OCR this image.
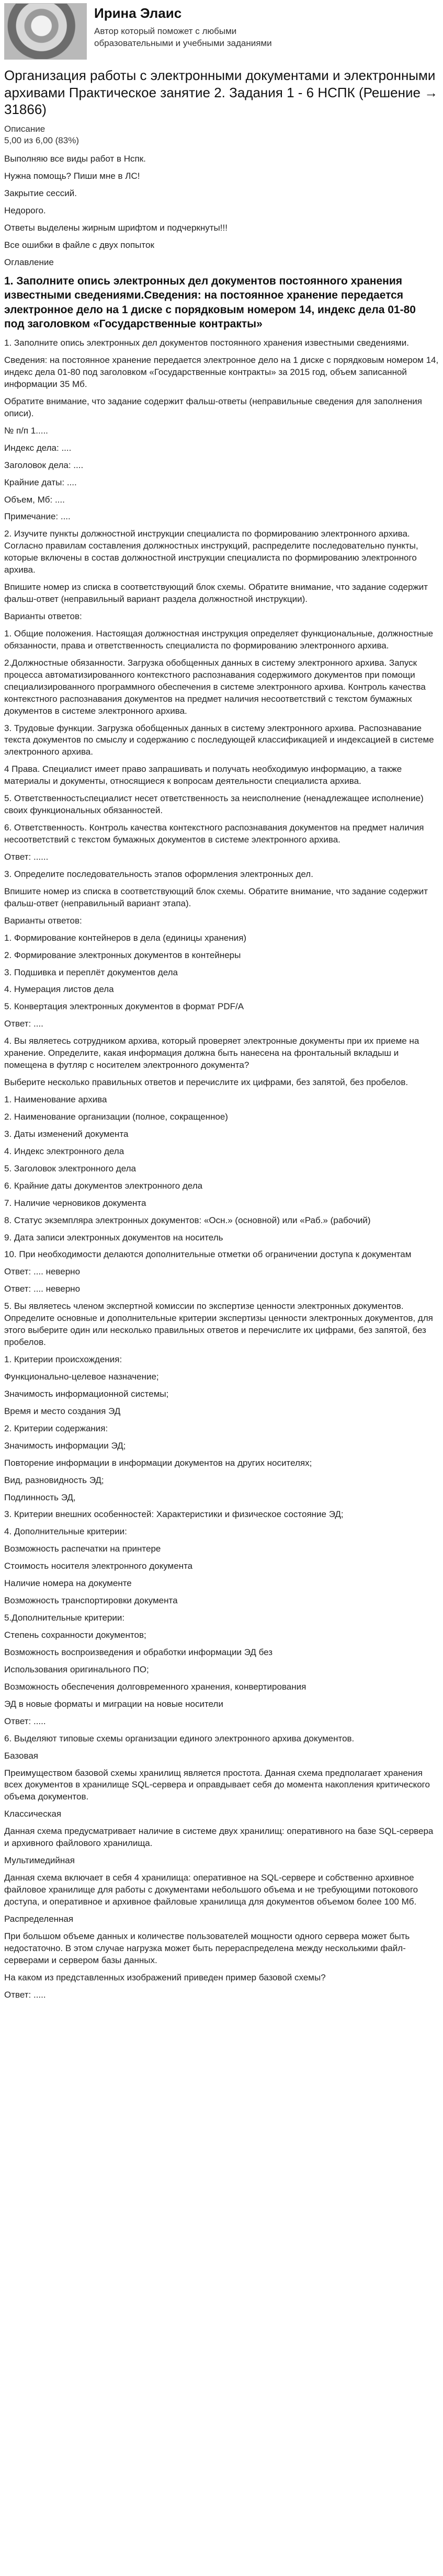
Ирина Элаис
Автор который поможет с любыми образовательными и учебными заданиями
Организация работы с электронными документами и электронными архивами Практическое занятие 2. Задания 1 - 6 НСПК (Решение → 31866)
Описание
5,00 из 6,00 (83%)

Выполняю все виды работ в Нспк.

Нужна помощь? Пиши мне в ЛС!

Закрытие сессий.

Недорого.

Ответы выделены жирным шрифтом и подчеркнуты!!!

Все ошибки в файле с двух попыток

Оглавление

1. Заполните опись электронных дел документов постоянного хранения известными сведениями.Сведения: на постоянное хранение передается электронное дело на 1 диске с порядковым номером 14, индекс дела 01-80 под заголовком «Государственные контракты»

1. Заполните опись электронных дел документов постоянного хранения известными сведениями.

Сведения: на постоянное хранение передается электронное дело на 1 диске с порядковым номером 14, индекс дела 01-80 под заголовком «Государственные контракты» за 2015 год, объем записанной информации 35 Мб.

Обратите внимание, что задание содержит фальш-ответы (неправильные сведения для заполнения описи).

№ п/п 1.....

Индекс дела: ....

Заголовок дела: ....

Крайние даты: ....

Объем, Мб: ....

Примечание: ....

2. Изучите пункты должностной инструкции специалиста по формированию электронного архива. Согласно правилам составления должностных инструкций, распределите последовательно пункты, которые включены в состав должностной инструкции специалиста по формированию электронного архива.

Впишите номер из списка в соответствующий блок схемы. Обратите внимание, что задание содержит фальш-ответ (неправильный вариант раздела должностной инструкции).

Варианты ответов:

1. Общие положения. Настоящая должностная инструкция определяет функциональные, должностные обязанности, права и ответственность специалиста по формированию электронного архива.

2.Должностные обязанности. Загрузка обобщенных данных в систему электронного архива. Запуск процесса автоматизированного контекстного распознавания содержимого документов при помощи специализированного программного обеспечения в системе электронного архива. Контроль качества контекстного распознавания документов на предмет наличия несоответствий с текстом бумажных документов в системе электронного архива.

3. Трудовые функции. Загрузка обобщенных данных в систему электронного архива. Распознавание текста документов по смыслу и содержанию с последующей классификацией и индексацией в системе электронного архива.

4 Права. Специалист имеет право запрашивать и получать необходимую информацию, а также материалы и документы, относящиеся к вопросам деятельности специалиста архива.

5. Ответственностьспециалист несет ответственность за неисполнение (ненадлежащее исполнение) своих функциональных обязанностей.

6. Ответственность. Контроль качества контекстного распознавания документов на предмет наличия несоответствий с текстом бумажных документов в системе электронного архива.

Ответ: ......

3. Определите последовательность этапов оформления электронных дел.

Впишите номер из списка в соответствующий блок схемы. Обратите внимание, что задание содержит фальш-ответ (неправильный вариант этапа).

Варианты ответов:

1. Формирование контейнеров в дела (единицы хранения)

2. Формирование электронных документов в контейнеры

3. Подшивка и переплёт документов дела

4. Нумерация листов дела

5. Конвертация электронных документов в формат PDF/A

Ответ: ....

4. Вы являетесь сотрудником архива, который проверяет электронные документы при их приеме на хранение. Определите, какая информация должна быть нанесена на фронтальный вкладыш и помещена в футляр с носителем электронного документа?

Выберите несколько правильных ответов и перечислите их цифрами, без запятой, без пробелов.

1. Наименование архива

2. Наименование организации (полное, сокращенное)

3. Даты изменений документа

4. Индекс электронного дела

5. Заголовок электронного дела

6. Крайние даты документов электронного дела

7. Наличие черновиков документа

8. Статус экземпляра электронных документов: «Осн.» (основной) или «Раб.» (рабочий)

9. Дата записи электронных документов на носитель

10. При необходимости делаются дополнительные отметки об ограничении доступа к документам

Ответ: .... неверно

Ответ: .... неверно

5. Вы являетесь членом экспертной комиссии по экспертизе ценности электронных документов. Определите основные и дополнительные критерии экспертизы ценности электронных документов, для этого выберите один или несколько правильных ответов и перечислите их цифрами, без запятой, без пробелов.

1. Критерии происхождения:

Функционально-целевое назначение;

Значимость информационной системы;

Время и место создания ЭД

2. Критерии содержания:

Значимость информации ЭД;

Повторение информации в информации документов на других носителях;

Вид, разновидность ЭД;

Подлинность ЭД,

3. Критерии внешних особенностей: Характеристики и физическое состояние ЭД;

4. Дополнительные критерии:

Возможность распечатки на принтере

Стоимость носителя электронного документа

Наличие номера на документе

Возможность транспортировки документа

5.Дополнительные критерии:

Степень сохранности документов;

Возможность воспроизведения и обработки информации ЭД без

Использования оригинального ПО;

Возможность обеспечения долговременного хранения, конвертирования

ЭД в новые форматы и миграции на новые носители

Ответ: .....

6. Выделяют типовые схемы организации единого электронного архива документов.

Базовая

Преимуществом базовой схемы хранилищ является простота. Данная схема предполагает хранения всех документов в хранилище SQL-сервера и оправдывает себя до момента накопления критического объема документов.

Классическая

Данная схема предусматривает наличие в системе двух хранилищ: оперативного на базе SQL-сервера и архивного файлового хранилища.

Мультимедийная

Данная схема включает в себя 4 хранилища: оперативное на SQL-сервере и собственно архивное файловое хранилище для работы с документами небольшого объема и не требующими потокового доступа, и оперативное и архивное файловые хранилища для документов объемом более 100 Мб.

Распределенная

При большом объеме данных и количестве пользователей мощности одного сервера может быть недостаточно. В этом случае нагрузка может быть перераспределена между несколькими файл-серверами и сервером базы данных.

На каком из представленных изображений приведен пример базовой схемы?

Ответ: .....
